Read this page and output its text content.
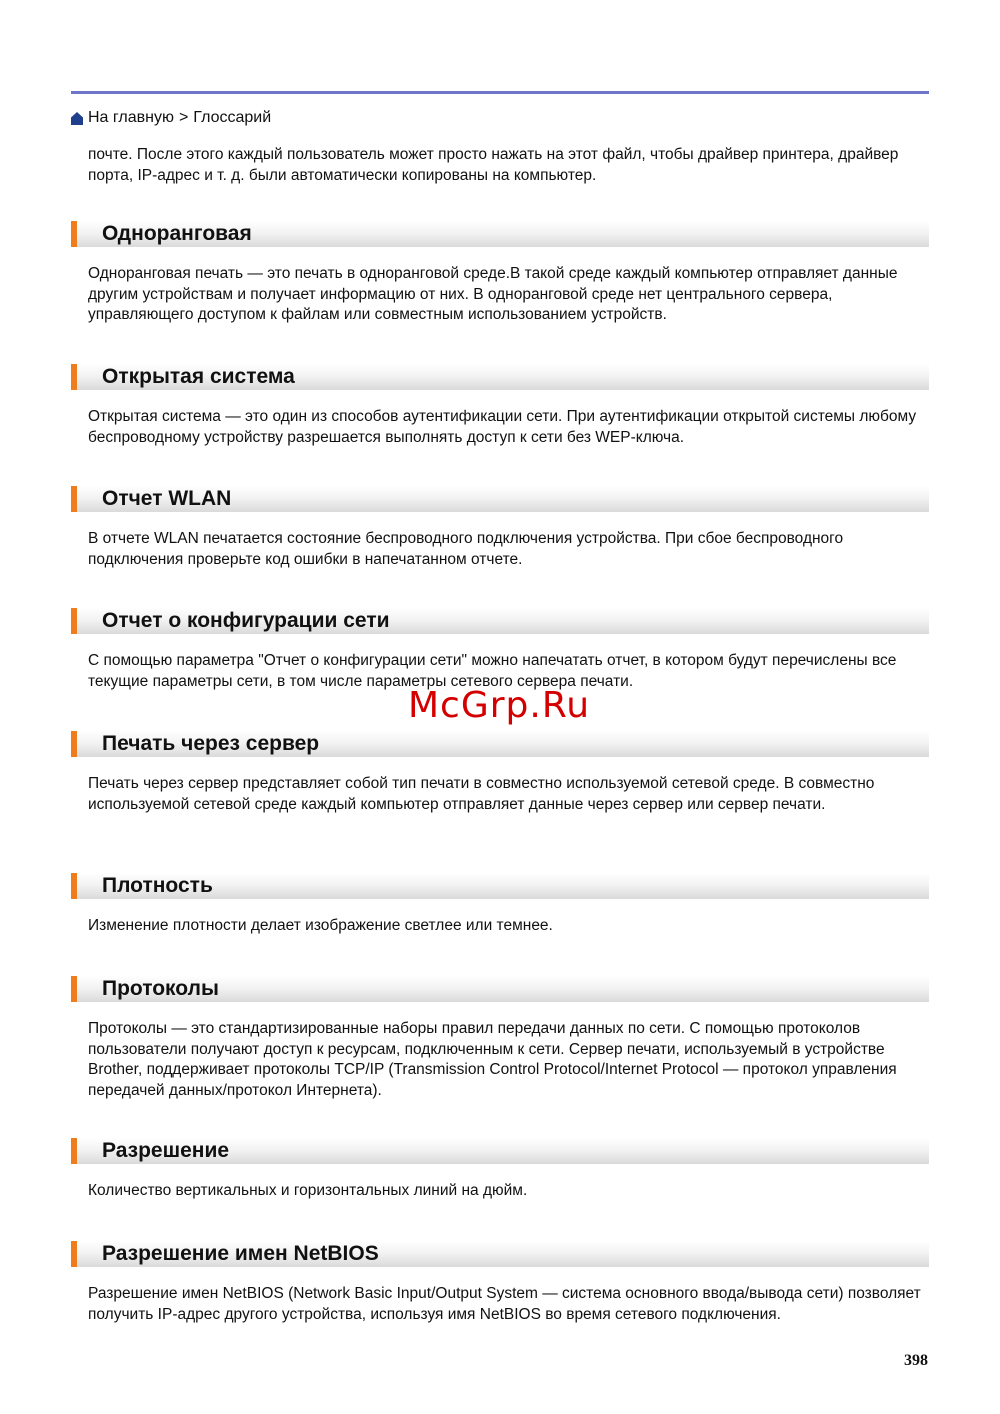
На главную > Глоссарий

почте. После этого каждый пользователь может просто нажать на этот файл, чтобы драйвер принтера, драйвер порта, IP-адрес и т. д. были автоматически копированы на компьютер.

Одноранговая
Одноранговая печать — это печать в одноранговой среде.В такой среде каждый компьютер отправляет данные другим устройствам и получает информацию от них. В одноранговой среде нет центрального сервера, управляющего доступом к файлам или совместным использованием устройств.
Открытая система
Открытая система — это один из способов аутентификации сети. При аутентификации открытой системы любому беспроводному устройству разрешается выполнять доступ к сети без WEP-ключа.
Отчет WLAN
В отчете WLAN печатается состояние беспроводного подключения устройства. При сбое беспроводного подключения проверьте код ошибки в напечатанном отчете.
Отчет о конфигурации сети
С помощью параметра "Отчет о конфигурации сети" можно напечатать отчет, в котором будут перечислены все текущие параметры сети, в том числе параметры сетевого сервера печати.
Печать через сервер
Печать через сервер представляет собой тип печати в совместно используемой сетевой среде. В совместно используемой сетевой среде каждый компьютер отправляет данные через сервер или сервер печати.
Плотность
Изменение плотности делает изображение светлее или темнее.
Протоколы
Протоколы — это стандартизированные наборы правил передачи данных по сети. С помощью протоколов пользователи получают доступ к ресурсам, подключенным к сети. Сервер печати, используемый в устройстве Brother, поддерживает протоколы TCP/IP (Transmission Control Protocol/Internet Protocol — протокол управления передачей данных/протокол Интернета).
Разрешение
Количество вертикальных и горизонтальных линий на дюйм.
Разрешение имен NetBIOS
Разрешение имен NetBIOS (Network Basic Input/Output System — система основного ввода/вывода сети) позволяет получить IP-адрес другого устройства, используя имя NetBIOS во время сетевого подключения.
McGrp.Ru
398
